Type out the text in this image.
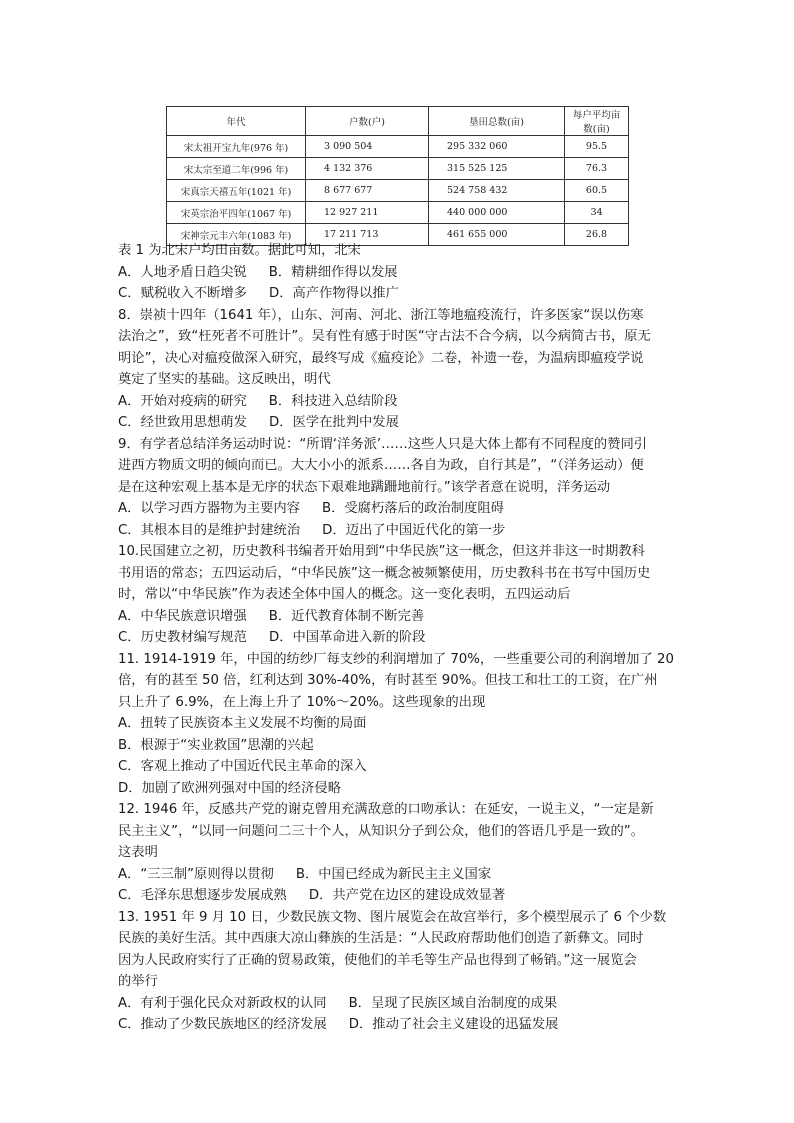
年代	户数(户)	垦田总数(亩)	每户平均亩数(亩)
宋太祖开宝九年(976 年)	3 090 504	295 332 060	95.5
宋太宗至道二年(996 年)	4 132 376	315 525 125	76.3
宋真宗天禧五年(1021 年)	8 677 677	524 758 432	60.5
宋英宗治平四年(1067 年)	12 927 211	440 000 000	34
宋神宗元丰六年(1083 年)	17 211 713	461 655 000	26.8
表 1 为北宋户均田亩数。据此可知，北宋
A．人地矛盾日趋尖锐 B．精耕细作得以发展
C．赋税收入不断增多 D．高产作物得以推广
8．崇祯十四年（1641 年），山东、河南、河北、浙江等地瘟疫流行，许多医家“误以伤寒
法治之”，致“枉死者不可胜计”。吴有性有感于时医“守古法不合今病，以今病简古书，原无
明论”，决心对瘟疫做深入研究，最终写成《瘟疫论》二卷，补遗一卷，为温病即瘟疫学说
奠定了坚实的基础。这反映出，明代
A．开始对疫病的研究 B．科技进入总结阶段
C．经世致用思想萌发 D．医学在批判中发展
9．有学者总结洋务运动时说：“所谓‘洋务派’……这些人只是大体上都有不同程度的赞同引
进西方物质文明的倾向而已。大大小小的派系……各自为政，自行其是”，“（洋务运动）便
是在这种宏观上基本是无序的状态下艰难地蹒跚地前行。”该学者意在说明，洋务运动
A．以学习西方器物为主要内容 B．受腐朽落后的政治制度阻碍
C．其根本目的是维护封建统治 D．迈出了中国近代化的第一步
10.民国建立之初，历史教科书编者开始用到“中华民族”这一概念，但这并非这一时期教科
书用语的常态；五四运动后，“中华民族”这一概念被频繁使用，历史教科书在书写中国历史
时，常以“中华民族”作为表述全体中国人的概念。这一变化表明，五四运动后
A．中华民族意识增强 B．近代教育体制不断完善
C．历史教材编写规范 D．中国革命进入新的阶段
11. 1914-1919 年，中国的纺纱厂每支纱的利润增加了 70%，一些重要公司的利润增加了 20
倍，有的甚至 50 倍，红利达到 30%-40%，有时甚至 90%。但技工和壮工的工资，在广州
只上升了 6.9%，在上海上升了 10%～20%。这些现象的出现
A．扭转了民族资本主义发展不均衡的局面
B．根源于“实业救国”思潮的兴起
C．客观上推动了中国近代民主革命的深入
D．加剧了欧洲列强对中国的经济侵略
12. 1946 年，反感共产党的谢克曾用充满敌意的口吻承认：在延安，一说主义，“一定是新
民主主义”，“以同一问题问二三十个人，从知识分子到公众，他们的答语几乎是一致的”。
这表明
A．“三三制”原则得以贯彻 B．中国已经成为新民主主义国家
C．毛泽东思想逐步发展成熟 D．共产党在边区的建设成效显著
13. 1951 年 9 月 10 日，少数民族文物、图片展览会在故宫举行，多个模型展示了 6 个少数
民族的美好生活。其中西康大凉山彝族的生活是：“人民政府帮助他们创造了新彝文。同时
因为人民政府实行了正确的贸易政策，使他们的羊毛等生产品也得到了畅销。”这一展览会
的举行
A．有利于强化民众对新政权的认同 B．呈现了民族区域自治制度的成果
C．推动了少数民族地区的经济发展 D．推动了社会主义建设的迅猛发展
